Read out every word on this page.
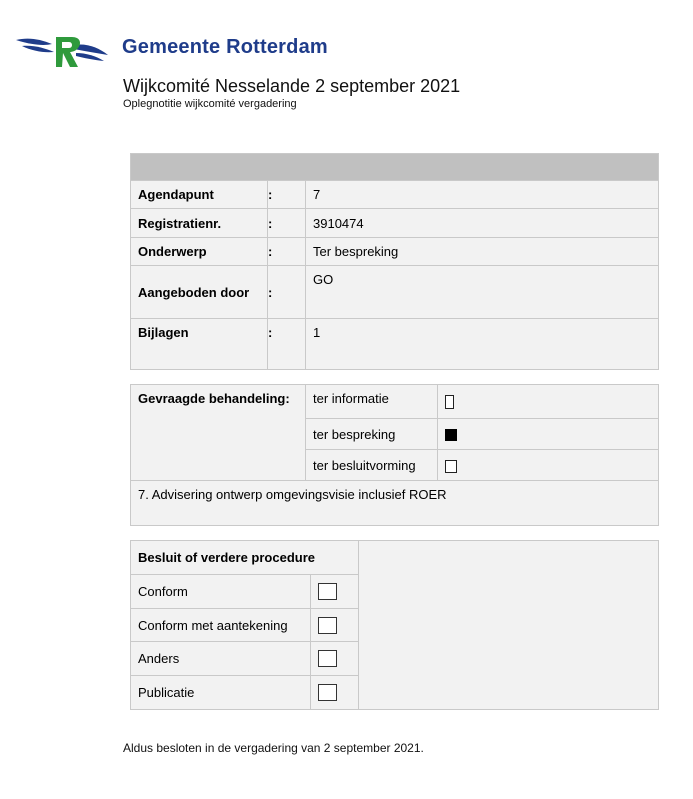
Gemeente Rotterdam
Wijkcomité Nesselande 2 september 2021
Oplegnotitie wijkcomité vergadering

Agendapunt	:	7
Registratienr.	:	3910474
Onderwerp	:	Ter bespreking
Aangeboden door	:	GO
Bijlagen	:	1
Gevraagde behandeling:	ter informatie	
	ter bespreking	
	ter besluitvorming	
7. Advisering ontwerp omgevingsvisie inclusief ROER		
Besluit of verdere procedure		
Conform		
Conform met aantekening		
Anders		
Publicatie		
Aldus besloten in de vergadering van 2 september 2021.
